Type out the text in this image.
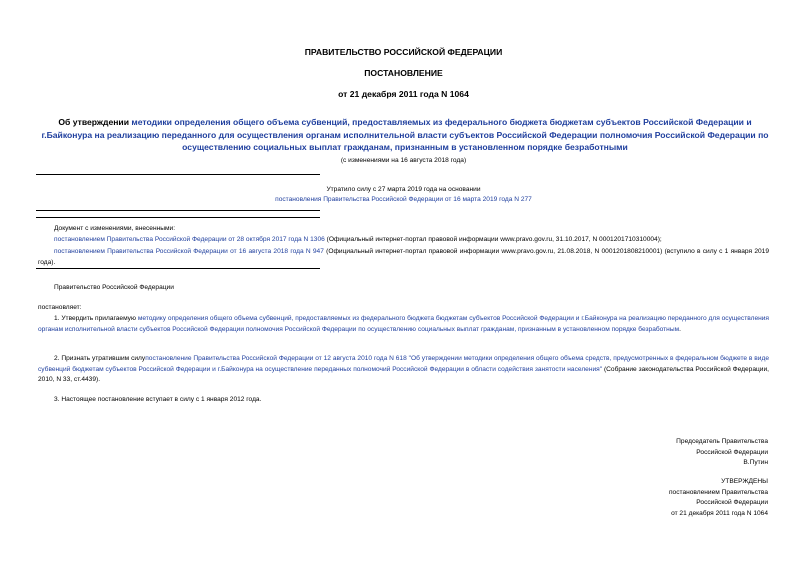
ПРАВИТЕЛЬСТВО РОССИЙСКОЙ ФЕДЕРАЦИИ
ПОСТАНОВЛЕНИЕ
от 21 декабря 2011 года N 1064
Об утверждении методики определения общего объема субвенций, предоставляемых из федерального бюджета бюджетам субъектов Российской Федерации и г.Байконура на реализацию переданного для осуществления органам исполнительной власти субъектов Российской Федерации полномочия Российской Федерации по осуществлению социальных выплат гражданам, признанным в установленном порядке безработными
(с изменениями на 16 августа 2018 года)
Утратило силу с 27 марта 2019 года на основании
постановления Правительства Российской Федерации от 16 марта 2019 года N 277
Документ с изменениями, внесенными:
постановлением Правительства Российской Федерации от 28 октября 2017 года N 1306 (Официальный интернет-портал правовой информации www.pravo.gov.ru, 31.10.2017, N 0001201710310004);
постановлением Правительства Российской Федерации от 16 августа 2018 года N 947 (Официальный интернет-портал правовой информации www.pravo.gov.ru, 21.08.2018, N 0001201808210001) (вступило в силу с 1 января 2019 года).
Правительство Российской Федерации
постановляет:
1. Утвердить прилагаемую методику определения общего объема субвенций, предоставляемых из федерального бюджета бюджетам субъектов Российской Федерации и г.Байконура на реализацию переданного для осуществления органам исполнительной власти субъектов Российской Федерации полномочия Российской Федерации по осуществлению социальных выплат гражданам, признанным в установленном порядке безработным.
2. Признать утратившим силупостановление Правительства Российской Федерации от 12 августа 2010 года N 618 "Об утверждении методики определения общего объема средств, предусмотренных в федеральном бюджете в виде субвенций бюджетам субъектов Российской Федерации и г.Байконура на осуществление переданных полномочий Российской Федерации в области содействия занятости населения" (Собрание законодательства Российской Федерации, 2010, N 33, ст.4439).
3. Настоящее постановление вступает в силу с 1 января 2012 года.
Председатель Правительства
Российской Федерации
В.Путин
УТВЕРЖДЕНЫ
постановлением Правительства
Российской Федерации
от 21 декабря 2011 года N 1064
